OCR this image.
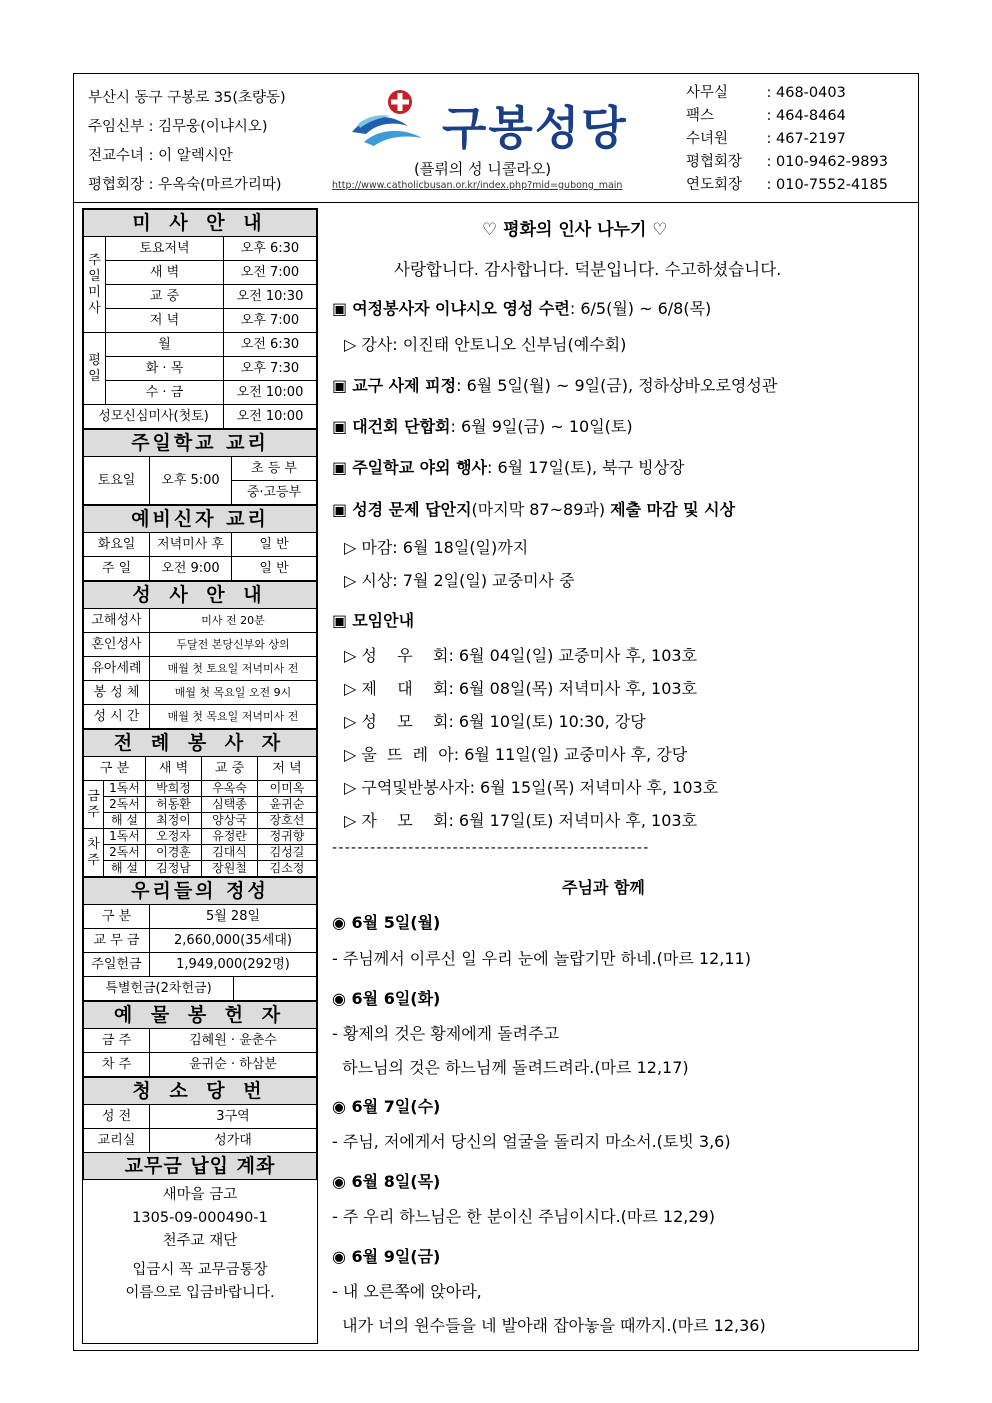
부산시 동구 구봉로 35(초량동)
주임신부 : 김무웅(이냐시오)
전교수녀 : 이 알렉시안
평협회장 : 우옥숙(마르가리따)
구봉성당
(플뤼의 성 니콜라오)
http://www.catholicbusan.or.kr/index.php?mid=gubong_main
사무실	: 468-0403
팩스	: 464-8464
수녀원	: 467-2197
평협회장	: 010-9462-9893
연도회장	: 010-7552-4185
미 사 안 내		
주일미사	토요저녁	오후 6:30
	새 벽	오전 7:00
	교 중	오전 10:30
	저 녁	오후 7:00
평일	월	오전 6:30
	화 · 목	오후 7:30
	수 · 금	오전 10:00
성모신심미사(첫토)		오전 10:00
주일학교 교리
토요일	오후 5:00	초 등 부
중·고등부
예비신자 교리		
화요일	저녁미사 후	일 반
주 일	오전 9:00	일 반
성 사 안 내	
고해성사	미사 전 20분
혼인성사	두달전 본당신부와 상의
유아세례	매월 첫 토요일 저녁미사 전
봉 성 체	매월 첫 목요일 오전 9시
성 시 간	매월 첫 목요일 저녁미사 전
전 례 봉 사 자				
구 분		새 벽	교 중	저 녁
금주	1독서	박희정	우옥숙	이미옥
	2독서	허동환	심택종	윤귀순
	해 설	최정이	양상국	장호선
차주	1독서	오정자	유정란	정귀향
	2독서	이경훈	김대식	김성길
	해 설	김정남	장원철	김소정
우리들의 정성		
구 분	5월 28일	
교 무 금	2,660,000(35세대)	
주일헌금	1,949,000(292명)	
특별헌금(2차헌금)		
예 물 봉 헌 자	
금 주	김혜원 · 윤춘수
차 주	윤귀순 · 하삼분
청 소 당 번	
성 전	3구역
교리실	성가대
교무금 납입 계좌	
새마을 금고
1305-09-000490-1
천주교 재단
입금시 꼭 교무금통장
이름으로 입금바랍니다.
♡ 평화의 인사 나누기 ♡
사랑합니다. 감사합니다. 덕분입니다. 수고하셨습니다.
▣ 여정봉사자 이냐시오 영성 수련: 6/5(월) ~ 6/8(목)
▷ 강사: 이진태 안토니오 신부님(예수회)
▣ 교구 사제 피정: 6월 5일(월) ~ 9일(금), 정하상바오로영성관
▣ 대건회 단합회: 6월 9일(금) ~ 10일(토)
▣ 주일학교 야외 행사: 6월 17일(토), 북구 빙상장
▣ 성경 문제 답안지(마지막 87~89과) 제출 마감 및 시상
▷ 마감: 6월 18일(일)까지
▷ 시상: 7월 2일(일) 교중미사 중
▣ 모임안내
▷ 성    우    회: 6월 04일(일) 교중미사 후, 103호
▷ 제    대    회: 6월 08일(목) 저녁미사 후, 103호
▷ 성    모    회: 6월 10일(토) 10:30, 강당
▷ 울  뜨  레  아: 6월 11일(일) 교중미사 후, 강당
▷ 구역및반봉사자: 6월 15일(목) 저녁미사 후, 103호
▷ 자    모    회: 6월 17일(토) 저녁미사 후, 103호
--------------------------------------------------
주님과 함께
◉ 6월 5일(월)
- 주님께서 이루신 일 우리 눈에 놀랍기만 하네.(마르 12,11)
◉ 6월 6일(화)
- 황제의 것은 황제에게 돌려주고
하느님의 것은 하느님께 돌려드려라.(마르 12,17)
◉ 6월 7일(수)
- 주님, 저에게서 당신의 얼굴을 돌리지 마소서.(토빗 3,6)
◉ 6월 8일(목)
- 주 우리 하느님은 한 분이신 주님이시다.(마르 12,29)
◉ 6월 9일(금)
- 내 오른쪽에 앉아라,
내가 너의 원수들을 네 발아래 잡아놓을 때까지.(마르 12,36)
